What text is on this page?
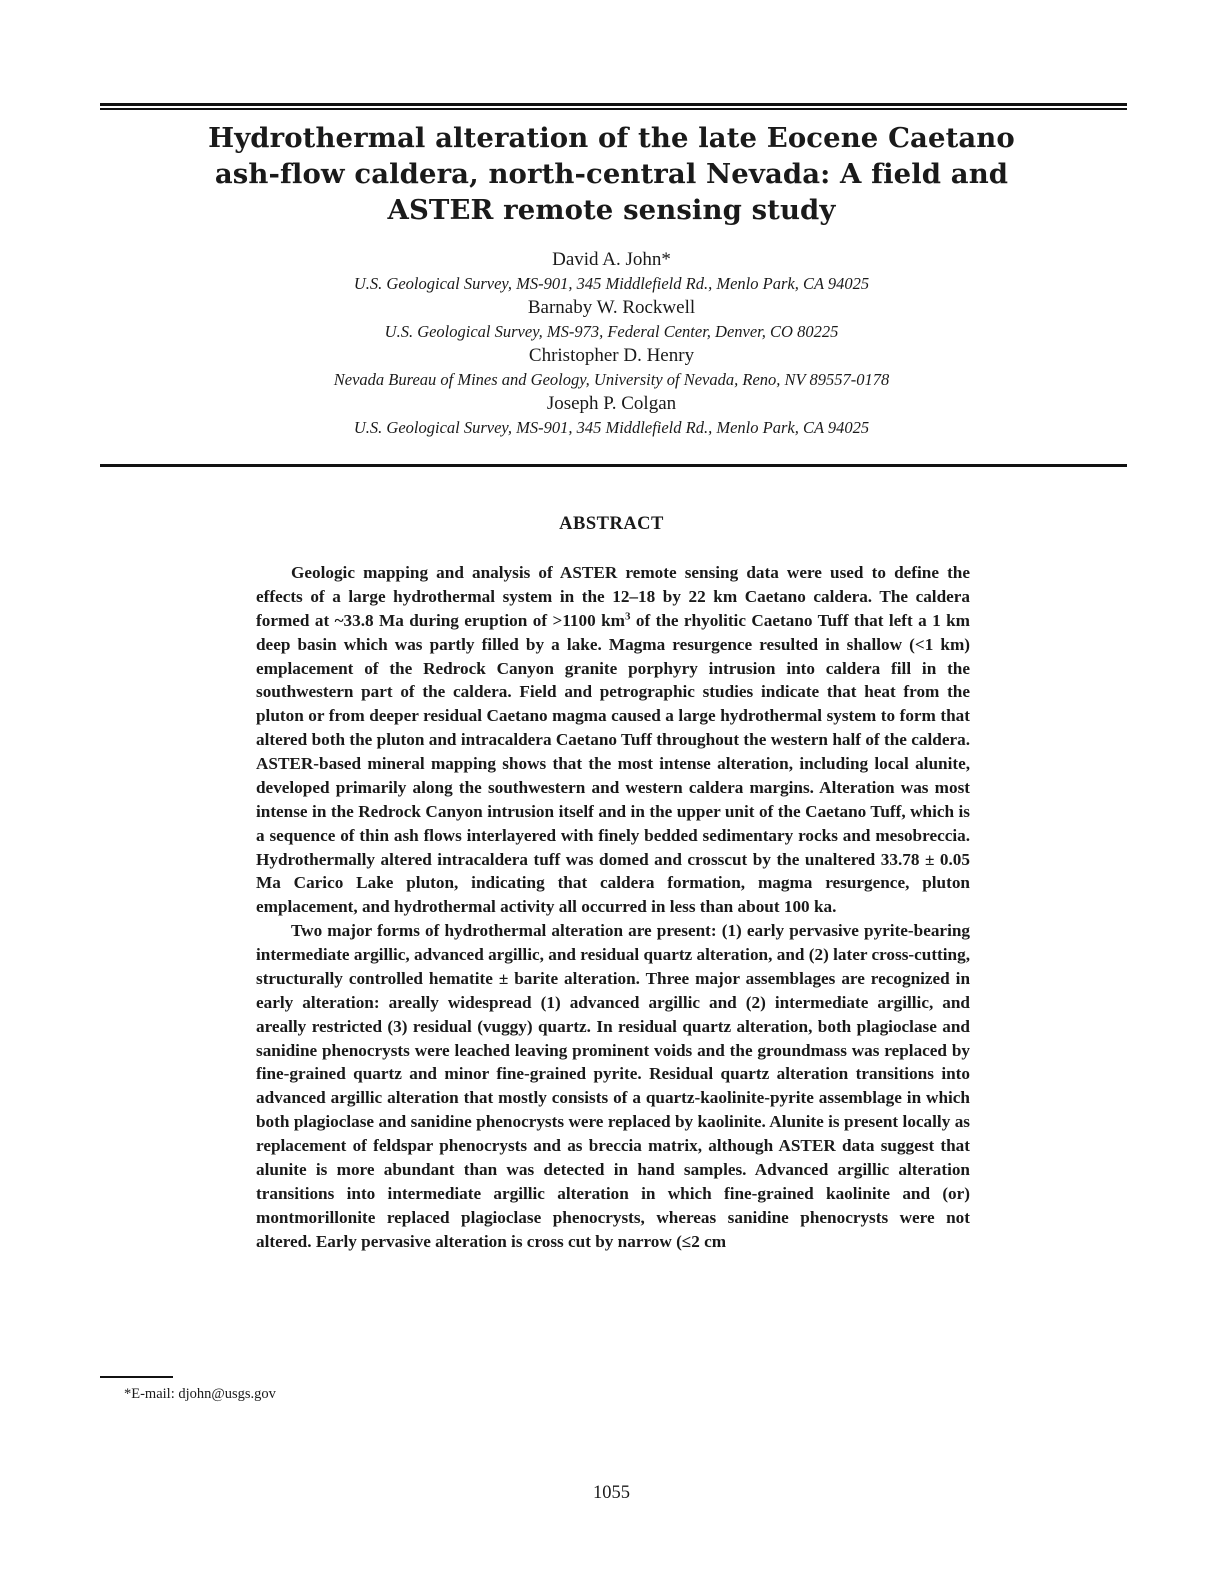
Hydrothermal alteration of the late Eocene Caetano
ash-flow caldera, north-central Nevada: A field and
ASTER remote sensing study
David A. John*
U.S. Geological Survey, MS-901, 345 Middlefield Rd., Menlo Park, CA 94025
Barnaby W. Rockwell
U.S. Geological Survey, MS-973, Federal Center, Denver, CO 80225
Christopher D. Henry
Nevada Bureau of Mines and Geology, University of Nevada, Reno, NV 89557-0178
Joseph P. Colgan
U.S. Geological Survey, MS-901, 345 Middlefield Rd., Menlo Park, CA 94025
ABSTRACT

Geologic mapping and analysis of ASTER remote sensing data were used to define the effects of a large hydrothermal system in the 12–18 by 22 km Caetano caldera. The caldera formed at ~33.8 Ma during eruption of >1100 $km^3$ of the rhyolitic Caetano Tuff that left a 1 km deep basin which was partly filled by a lake. Magma resurgence resulted in shallow (<1 km) emplacement of the Redrock Canyon granite porphyry intrusion into caldera fill in the southwestern part of the caldera. Field and petrographic studies indicate that heat from the pluton or from deeper residual Caetano magma caused a large hydrothermal system to form that altered both the pluton and intracaldera Caetano Tuff throughout the western half of the caldera. ASTER-based mineral mapping shows that the most intense alteration, including local alunite, developed primarily along the southwestern and western caldera margins. Alteration was most intense in the Redrock Canyon intrusion itself and in the upper unit of the Caetano Tuff, which is a sequence of thin ash flows interlayered with finely bedded sedimentary rocks and mesobreccia. Hydrothermally altered intracaldera tuff was domed and crosscut by the unaltered 33.78 ± 0.05 Ma Carico Lake pluton, indicating that caldera formation, magma resurgence, pluton emplacement, and hydrothermal activity all occurred in less than about 100 ka.

Two major forms of hydrothermal alteration are present: (1) early pervasive pyrite-bearing intermediate argillic, advanced argillic, and residual quartz alteration, and (2) later cross-cutting, structurally controlled hematite ± barite alteration. Three major assemblages are recognized in early alteration: areally widespread (1) advanced argillic and (2) intermediate argillic, and areally restricted (3) residual (vuggy) quartz. In residual quartz alteration, both plagioclase and sanidine phenocrysts were leached leaving prominent voids and the groundmass was replaced by fine-grained quartz and minor fine-grained pyrite. Residual quartz alteration transitions into advanced argillic alteration that mostly consists of a quartz-kaolinite-pyrite assemblage in which both plagioclase and sanidine phenocrysts were replaced by kaolinite. Alunite is present locally as replacement of feldspar phenocrysts and as breccia matrix, although ASTER data suggest that alunite is more abundant than was detected in hand samples. Advanced argillic alteration transitions into intermediate argillic alteration in which fine-grained kaolinite and (or) montmorillonite replaced plagioclase phenocrysts, whereas sanidine phenocrysts were not altered. Early pervasive alteration is cross cut by narrow (≤2 cm

*E-mail: djohn@usgs.gov
1055
